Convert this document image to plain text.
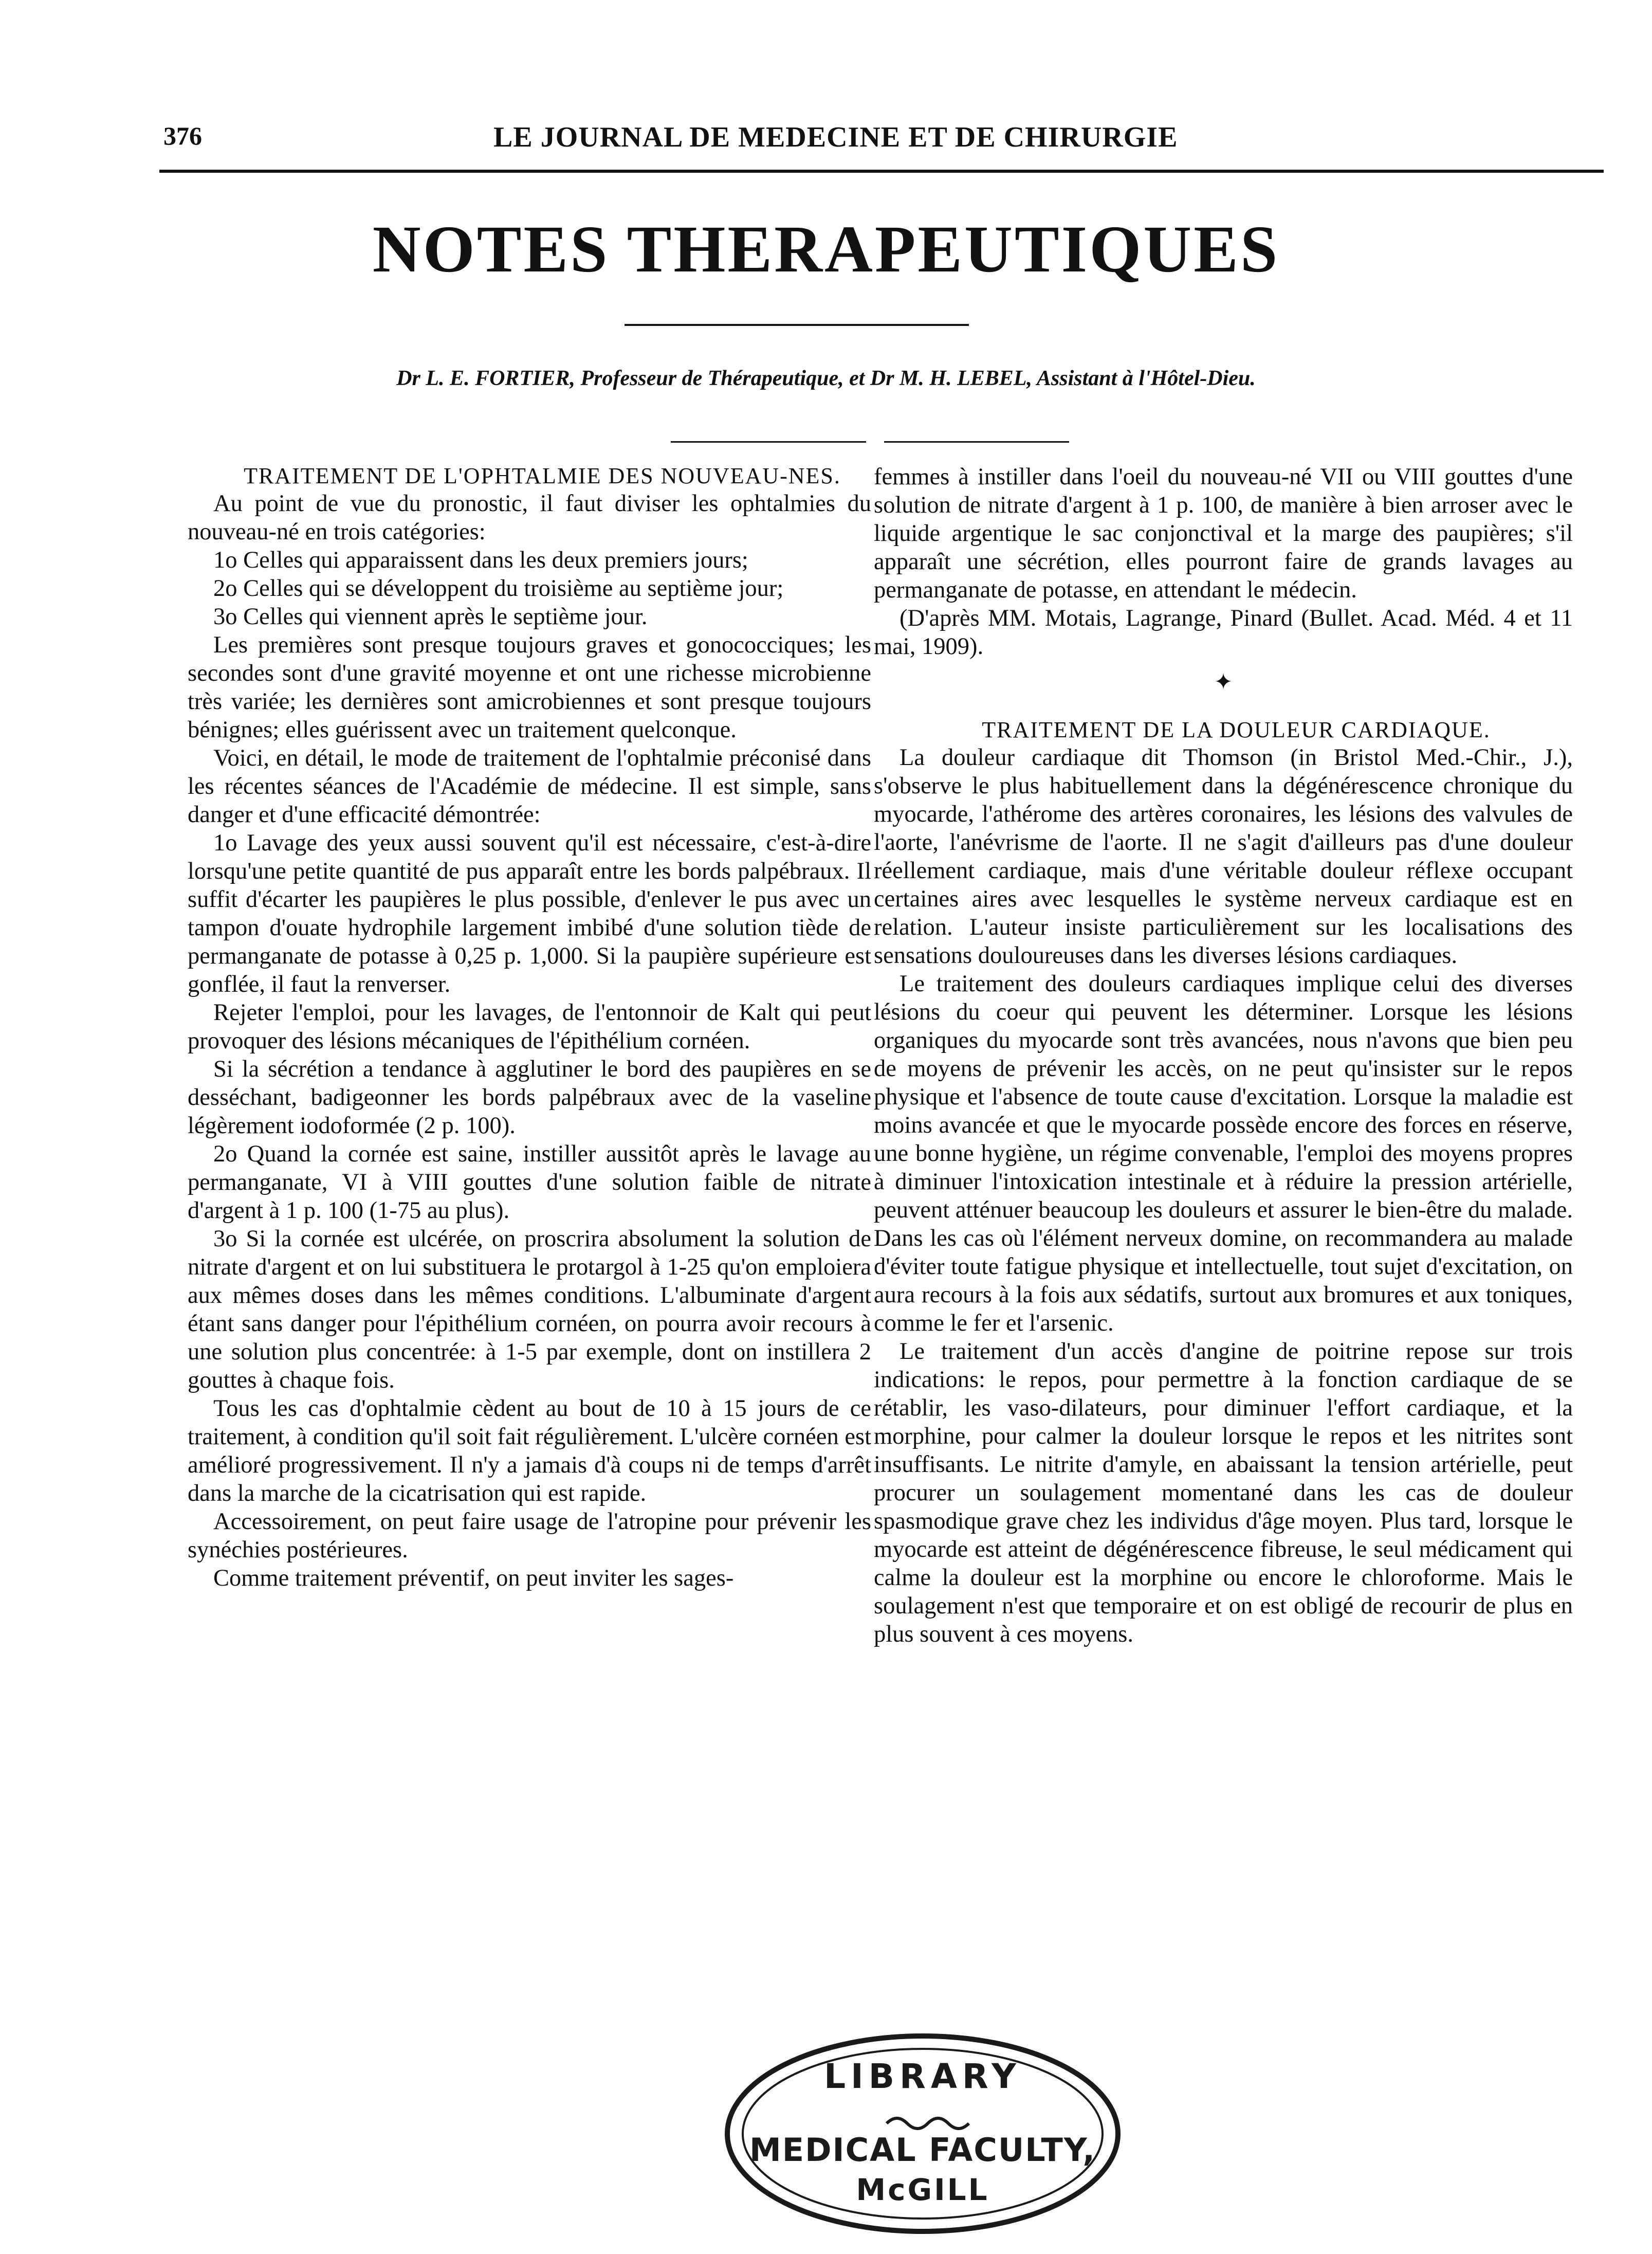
376	LE JOURNAL DE MEDECINE ET DE CHIRURGIE
NOTES THERAPEUTIQUES
Dr L. E. FORTIER, Professeur de Thérapeutique, et Dr M. H. LEBEL, Assistant à l'Hôtel-Dieu.

TRAITEMENT DE L'OPHTALMIE DES NOUVEAU-NES.

Au point de vue du pronostic, il faut diviser les ophtalmies du nouveau-né en trois catégories:

1o Celles qui apparaissent dans les deux premiers jours;

2o Celles qui se développent du troisième au septième jour;

3o Celles qui viennent après le septième jour.

Les premières sont presque toujours graves et gonococciques; les secondes sont d'une gravité moyenne et ont une richesse microbienne très variée; les dernières sont amicrobiennes et sont presque toujours bénignes; elles guérissent avec un traitement quelconque.

Voici, en détail, le mode de traitement de l'ophtalmie préconisé dans les récentes séances de l'Académie de médecine. Il est simple, sans danger et d'une efficacité démontrée:

1o Lavage des yeux aussi souvent qu'il est nécessaire, c'est-à-dire lorsqu'une petite quantité de pus apparaît entre les bords palpébraux. Il suffit d'écarter les paupières le plus possible, d'enlever le pus avec un tampon d'ouate hydrophile largement imbibé d'une solution tiède de permanganate de potasse à 0,25 p. 1,000. Si la paupière supérieure est gonflée, il faut la renverser.

Rejeter l'emploi, pour les lavages, de l'entonnoir de Kalt qui peut provoquer des lésions mécaniques de l'épithélium cornéen.

Si la sécrétion a tendance à agglutiner le bord des paupières en se desséchant, badigeonner les bords palpébraux avec de la vaseline légèrement iodoformée (2 p. 100).

2o Quand la cornée est saine, instiller aussitôt après le lavage au permanganate, VI à VIII gouttes d'une solution faible de nitrate d'argent à 1 p. 100 (1-75 au plus).

3o Si la cornée est ulcérée, on proscrira absolument la solution de nitrate d'argent et on lui substituera le protargol à 1-25 qu'on emploiera aux mêmes doses dans les mêmes conditions. L'albuminate d'argent étant sans danger pour l'épithélium cornéen, on pourra avoir recours à une solution plus concentrée: à 1-5 par exemple, dont on instillera 2 gouttes à chaque fois.

Tous les cas d'ophtalmie cèdent au bout de 10 à 15 jours de ce traitement, à condition qu'il soit fait régulièrement. L'ulcère cornéen est amélioré progressivement. Il n'y a jamais d'à coups ni de temps d'arrêt dans la marche de la cicatrisation qui est rapide.

Accessoirement, on peut faire usage de l'atropine pour prévenir les synéchies postérieures.

Comme traitement préventif, on peut inviter les sages-

femmes à instiller dans l'oeil du nouveau-né VII ou VIII gouttes d'une solution de nitrate d'argent à 1 p. 100, de manière à bien arroser avec le liquide argentique le sac conjonctival et la marge des paupières; s'il apparaît une sécrétion, elles pourront faire de grands lavages au permanganate de potasse, en attendant le médecin.

(D'après MM. Motais, Lagrange, Pinard (Bullet. Acad. Méd. 4 et 11 mai, 1909).

✦

TRAITEMENT DE LA DOULEUR CARDIAQUE.

La douleur cardiaque dit Thomson (in Bristol Med.-Chir., J.), s'observe le plus habituellement dans la dégénérescence chronique du myocarde, l'athérome des artères coronaires, les lésions des valvules de l'aorte, l'anévrisme de l'aorte. Il ne s'agit d'ailleurs pas d'une douleur réellement cardiaque, mais d'une véritable douleur réflexe occupant certaines aires avec lesquelles le système nerveux cardiaque est en relation. L'auteur insiste particulièrement sur les localisations des sensations douloureuses dans les diverses lésions cardiaques.

Le traitement des douleurs cardiaques implique celui des diverses lésions du coeur qui peuvent les déterminer. Lorsque les lésions organiques du myocarde sont très avancées, nous n'avons que bien peu de moyens de prévenir les accès, on ne peut qu'insister sur le repos physique et l'absence de toute cause d'excitation. Lorsque la maladie est moins avancée et que le myocarde possède encore des forces en réserve, une bonne hygiène, un régime convenable, l'emploi des moyens propres à diminuer l'intoxication intestinale et à réduire la pression artérielle, peuvent atténuer beaucoup les douleurs et assurer le bien-être du malade. Dans les cas où l'élément nerveux domine, on recommandera au malade d'éviter toute fatigue physique et intellectuelle, tout sujet d'excitation, on aura recours à la fois aux sédatifs, surtout aux bromures et aux toniques, comme le fer et l'arsenic.

Le traitement d'un accès d'angine de poitrine repose sur trois indications: le repos, pour permettre à la fonction cardiaque de se rétablir, les vaso-dilateurs, pour diminuer l'effort cardiaque, et la morphine, pour calmer la douleur lorsque le repos et les nitrites sont insuffisants. Le nitrite d'amyle, en abaissant la tension artérielle, peut procurer un soulagement momentané dans les cas de douleur spasmodique grave chez les individus d'âge moyen. Plus tard, lorsque le myocarde est atteint de dégénérescence fibreuse, le seul médicament qui calme la douleur est la morphine ou encore le chloroforme. Mais le soulagement n'est que temporaire et on est obligé de recourir de plus en plus souvent à ces moyens.

LIBRARY
MEDICAL FACULTY,
McGILL
